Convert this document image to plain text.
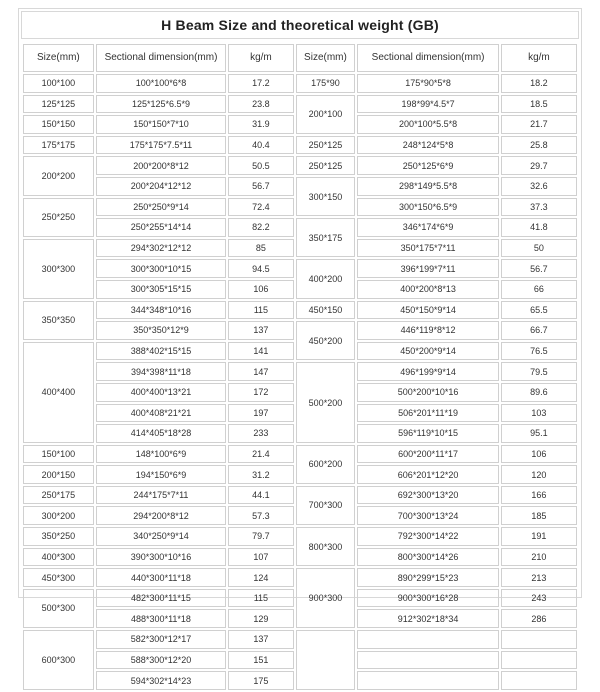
H Beam Size and theoretical weight (GB)
Size(mm)	Sectional dimension(mm)	kg/m	Size(mm)	Sectional dimension(mm)	kg/m
100*100	100*100*6*8	17.2	175*90	175*90*5*8	18.2
125*125	125*125*6.5*9	23.8	200*100	198*99*4.5*7	18.5
150*150	150*150*7*10	31.9		200*100*5.5*8	21.7
175*175	175*175*7.5*11	40.4	250*125	248*124*5*8	25.8
200*200	200*200*8*12	50.5	250*125	250*125*6*9	29.7
	200*204*12*12	56.7	300*150	298*149*5.5*8	32.6
250*250	250*250*9*14	72.4		300*150*6.5*9	37.3
	250*255*14*14	82.2	350*175	346*174*6*9	41.8
300*300	294*302*12*12	85		350*175*7*11	50
	300*300*10*15	94.5	400*200	396*199*7*11	56.7
	300*305*15*15	106		400*200*8*13	66
350*350	344*348*10*16	115	450*150	450*150*9*14	65.5
	350*350*12*9	137	450*200	446*119*8*12	66.7
400*400	388*402*15*15	141		450*200*9*14	76.5
	394*398*11*18	147	500*200	496*199*9*14	79.5
	400*400*13*21	172		500*200*10*16	89.6
	400*408*21*21	197		506*201*11*19	103
	414*405*18*28	233		596*119*10*15	95.1
150*100	148*100*6*9	21.4	600*200	600*200*11*17	106
200*150	194*150*6*9	31.2		606*201*12*20	120
250*175	244*175*7*11	44.1	700*300	692*300*13*20	166
300*200	294*200*8*12	57.3		700*300*13*24	185
350*250	340*250*9*14	79.7	800*300	792*300*14*22	191
400*300	390*300*10*16	107		800*300*14*26	210
450*300	440*300*11*18	124	900*300	890*299*15*23	213
500*300	482*300*11*15	115		900*300*16*28	243
	488*300*11*18	129		912*302*18*34	286
600*300	582*300*12*17	137			
	588*300*12*20	151			
	594*302*14*23	175			
